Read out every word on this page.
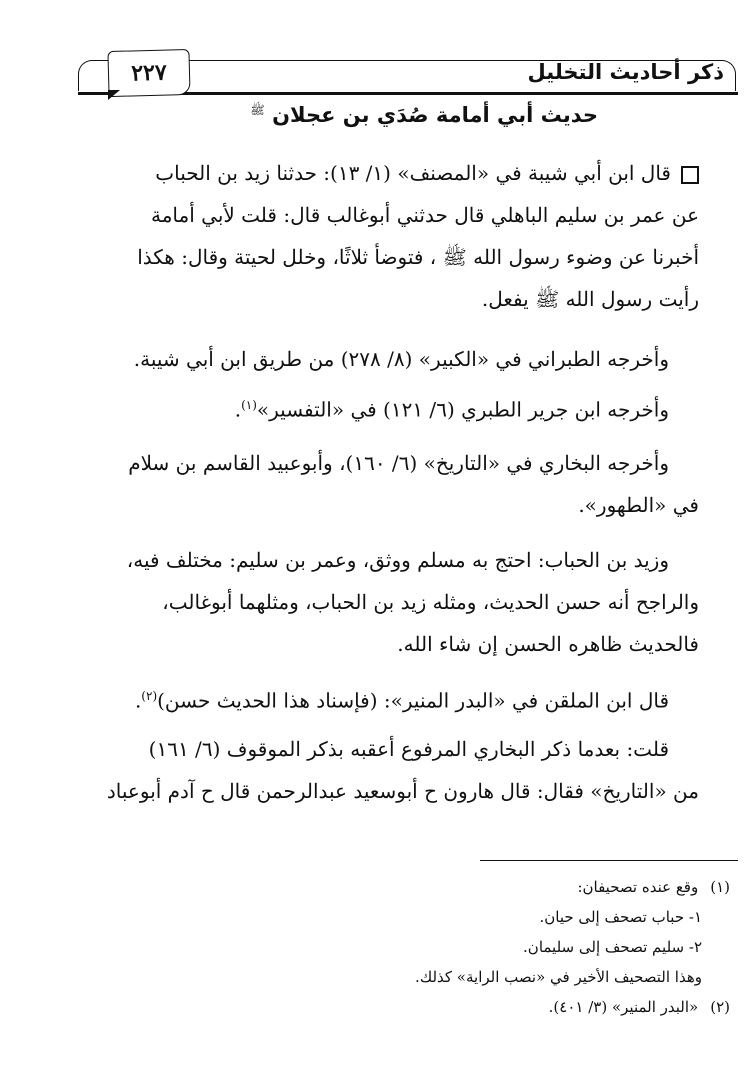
ذكر أحاديث التخليل
٢٢٧
حديث أبي أمامة صُدَي بن عجلان $^ﷺ$

قال ابن أبي شيبة في «المصنف» (١/ ١٣): حدثنا زيد بن الحباب

عن عمر بن سليم الباهلي قال حدثني أبوغالب قال: قلت لأبي أمامة

أخبرنا عن وضوء رسول الله ﷺ ، فتوضأ ثلاثًا، وخلل لحيتة وقال: هكذا

رأيت رسول الله ﷺ يفعل.

وأخرجه الطبراني في «الكبير» (٨/ ٢٧٨) من طريق ابن أبي شيبة.

وأخرجه ابن جرير الطبري (٦/ ١٢١) في «التفسير»$^{(١)}$.

وأخرجه البخاري في «التاريخ» (٦/ ١٦٠)، وأبوعبيد القاسم بن سلام

في «الطهور».

وزيد بن الحباب: احتج به مسلم ووثق، وعمر بن سليم: مختلف فيه،

والراجح أنه حسن الحديث، ومثله زيد بن الحباب، ومثلهما أبوغالب،

فالحديث ظاهره الحسن إن شاء الله.

قال ابن الملقن في «البدر المنير»: (فإسناد هذا الحديث حسن)$^{(٢)}$.

قلت: بعدما ذكر البخاري المرفوع أعقبه بذكر الموقوف (٦/ ١٦١)

من «التاريخ» فقال: قال هارون ح أبوسعيد عبدالرحمن قال ح آدم أبوعباد

(١)وقع عنده تصحيفان:

١- حباب تصحف إلى حيان.

٢- سليم تصحف إلى سليمان.

وهذا التصحيف الأخير في «نصب الراية» كذلك.

(٢)«البدر المنير» (٣/ ٤٠١).
